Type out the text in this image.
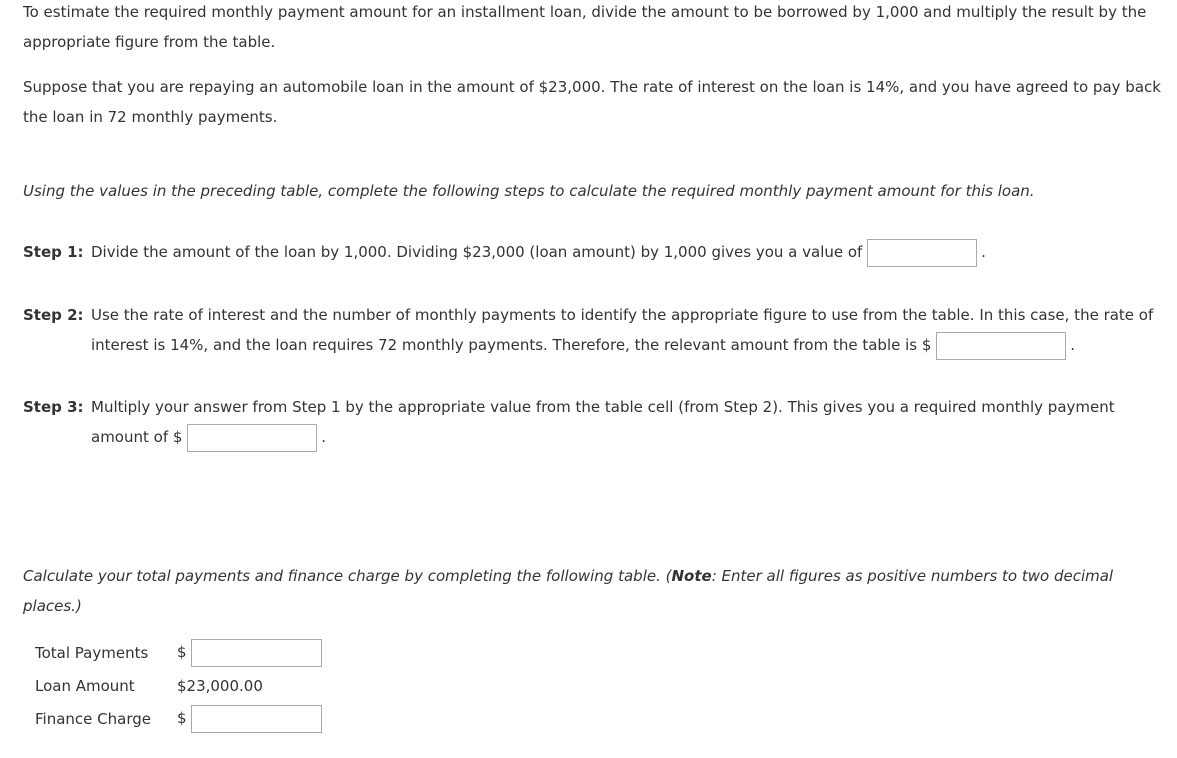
To estimate the required monthly payment amount for an installment loan, divide the amount to be borrowed by 1,000 and multiply the result by the appropriate figure from the table.

Suppose that you are repaying an automobile loan in the amount of $23,000. The rate of interest on the loan is 14%, and you have agreed to pay back the loan in 72 monthly payments.

Using the values in the preceding table, complete the following steps to calculate the required monthly payment amount for this loan.

Step 1: Divide the amount of the loan by 1,000. Dividing $23,000 (loan amount) by 1,000 gives you a value of	.
Step 2: Use the rate of interest and the number of monthly payments to identify the appropriate figure to use from the table. In this case, the rate of
interest is 14%, and the loan requires 72 monthly payments. Therefore, the relevant amount from the table is $	.
Step 3: Multiply your answer from Step 1 by the appropriate value from the table cell (from Step 2). This gives you a required monthly payment
amount of $	.

Calculate your total payments and finance charge by completing the following table. (Note: Enter all figures as positive numbers to two decimal places.)

Total Payments	$
Loan Amount	$23,000.00
Finance Charge	$
